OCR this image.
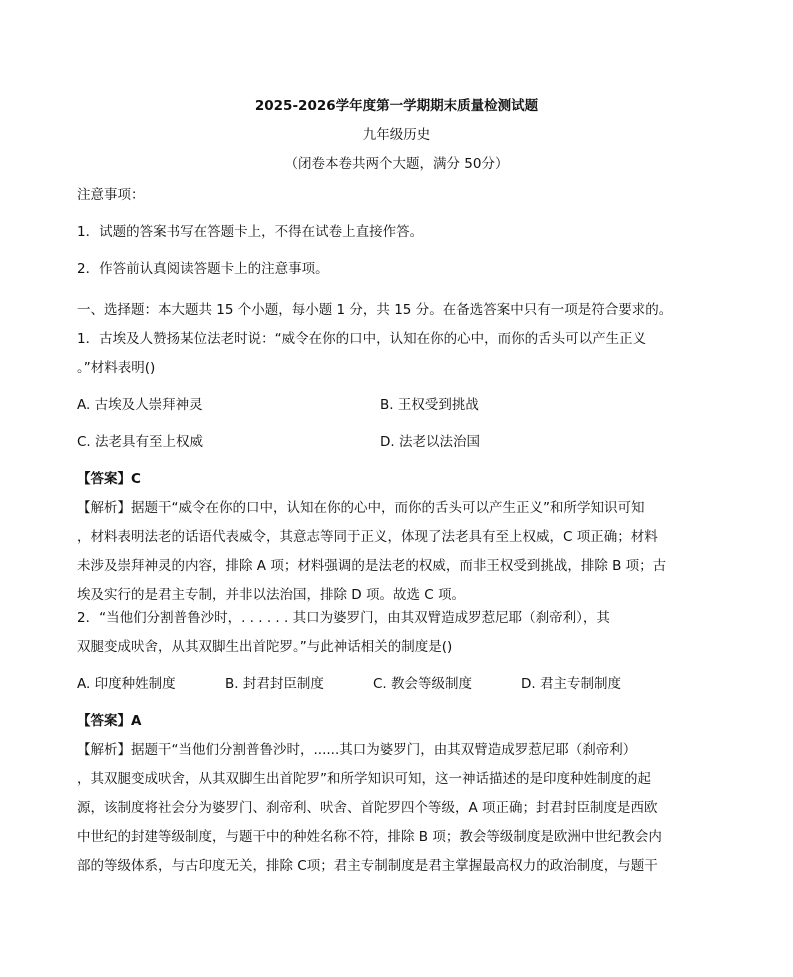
2025-2026学年度第一学期期末质量检测试题
九年级历史
（闭卷本卷共两个大题，满分 50分）
注意事项：
1．试题的答案书写在答题卡上，不得在试卷上直接作答。
2．作答前认真阅读答题卡上的注意事项。
一、选择题：本大题共 15 个小题，每小题 1 分，共 15 分。在备选答案中只有一项是符合要求的。
1．古埃及人赞扬某位法老时说：“威令在你的口中，认知在你的心中，而你的舌头可以产生正义
。”材料表明()
A. 古埃及人崇拜神灵	B. 王权受到挑战
C. 法老具有至上权威	D. 法老以法治国
【答案】C
【解析】据题干“威令在你的口中，认知在你的心中，而你的舌头可以产生正义”和所学知识可知
，材料表明法老的话语代表威令，其意志等同于正义，体现了法老具有至上权威，C 项正确；材料
未涉及崇拜神灵的内容，排除 A 项；材料强调的是法老的权威，而非王权受到挑战，排除 B 项；古
埃及实行的是君主专制，并非以法治国，排除 D 项。故选 C 项。
2．“当他们分割普鲁沙时，. . . . . . 其口为婆罗门，由其双臂造成罗惹尼耶（刹帝利），其
双腿变成吠舍，从其双脚生出首陀罗。”与此神话相关的制度是()
A. 印度种姓制度	B. 封君封臣制度	C. 教会等级制度	D. 君主专制制度
【答案】A
【解析】据题干“当他们分割普鲁沙时，......其口为婆罗门，由其双臂造成罗惹尼耶（刹帝利）
，其双腿变成吠舍，从其双脚生出首陀罗”和所学知识可知，这一神话描述的是印度种姓制度的起
源，该制度将社会分为婆罗门、刹帝利、吠舍、首陀罗四个等级，A 项正确；封君封臣制度是西欧
中世纪的封建等级制度，与题干中的种姓名称不符，排除 B 项；教会等级制度是欧洲中世纪教会内
部的等级体系，与古印度无关，排除 C项；君主专制制度是君主掌握最高权力的政治制度，与题干
